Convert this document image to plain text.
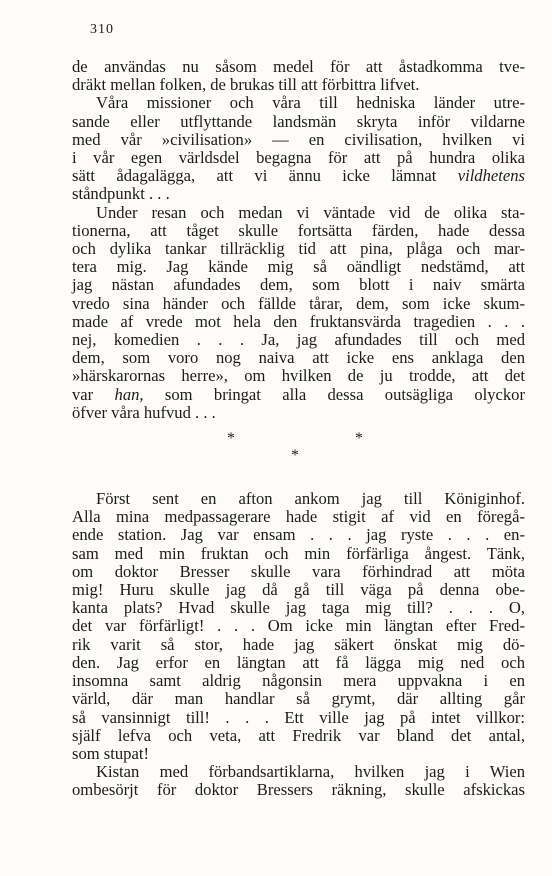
310

de användas nu såsom medel för att åstadkomma tve-
dräkt mellan folken, de brukas till att förbittra lifvet.

Våra missioner och våra till hedniska länder utre-
sande eller utflyttande landsmän skryta inför vildarne
med vår »civilisation» — en civilisation, hvilken vi
i vår egen världsdel begagna för att på hundra olika
sätt ådagalägga, att vi ännu icke lämnat vildhetens
ståndpunkt . . .

Under resan och medan vi väntade vid de olika sta-
tionerna, att tåget skulle fortsätta färden, hade dessa
och dylika tankar tillräcklig tid att pina, plåga och mar-
tera mig. Jag kände mig så oändligt nedstämd, att
jag nästan afundades dem, som blott i naiv smärta
vredo sina händer och fällde tårar, dem, som icke skum-
made af vrede mot hela den fruktansvärda tragedien . . .
nej, komedien . . . Ja, jag afundades till och med
dem, som voro nog naiva att icke ens anklaga den
»härskarornas herre», om hvilken de ju trodde, att det
var han, som bringat alla dessa outsägliga olyckor
öfver våra hufvud . . .

*	*
*

Först sent en afton ankom jag till Königinhof.
Alla mina medpassagerare hade stigit af vid en föregå-
ende station. Jag var ensam . . . jag ryste . . . en-
sam med min fruktan och min förfärliga ångest. Tänk,
om doktor Bresser skulle vara förhindrad att möta
mig! Huru skulle jag då gå till väga på denna obe-
kanta plats? Hvad skulle jag taga mig till? . . . O,
det var förfärligt! . . . Om icke min längtan efter Fred-
rik varit så stor, hade jag säkert önskat mig dö-
den. Jag erfor en längtan att få lägga mig ned och
insomna samt aldrig någonsin mera uppvakna i en
värld, där man handlar så grymt, där allting går
så vansinnigt till! . . . Ett ville jag på intet villkor:
själf lefva och veta, att Fredrik var bland det antal,
som stupat!

Kistan med förbandsartiklarna, hvilken jag i Wien
ombesörjt för doktor Bressers räkning, skulle afskickas
